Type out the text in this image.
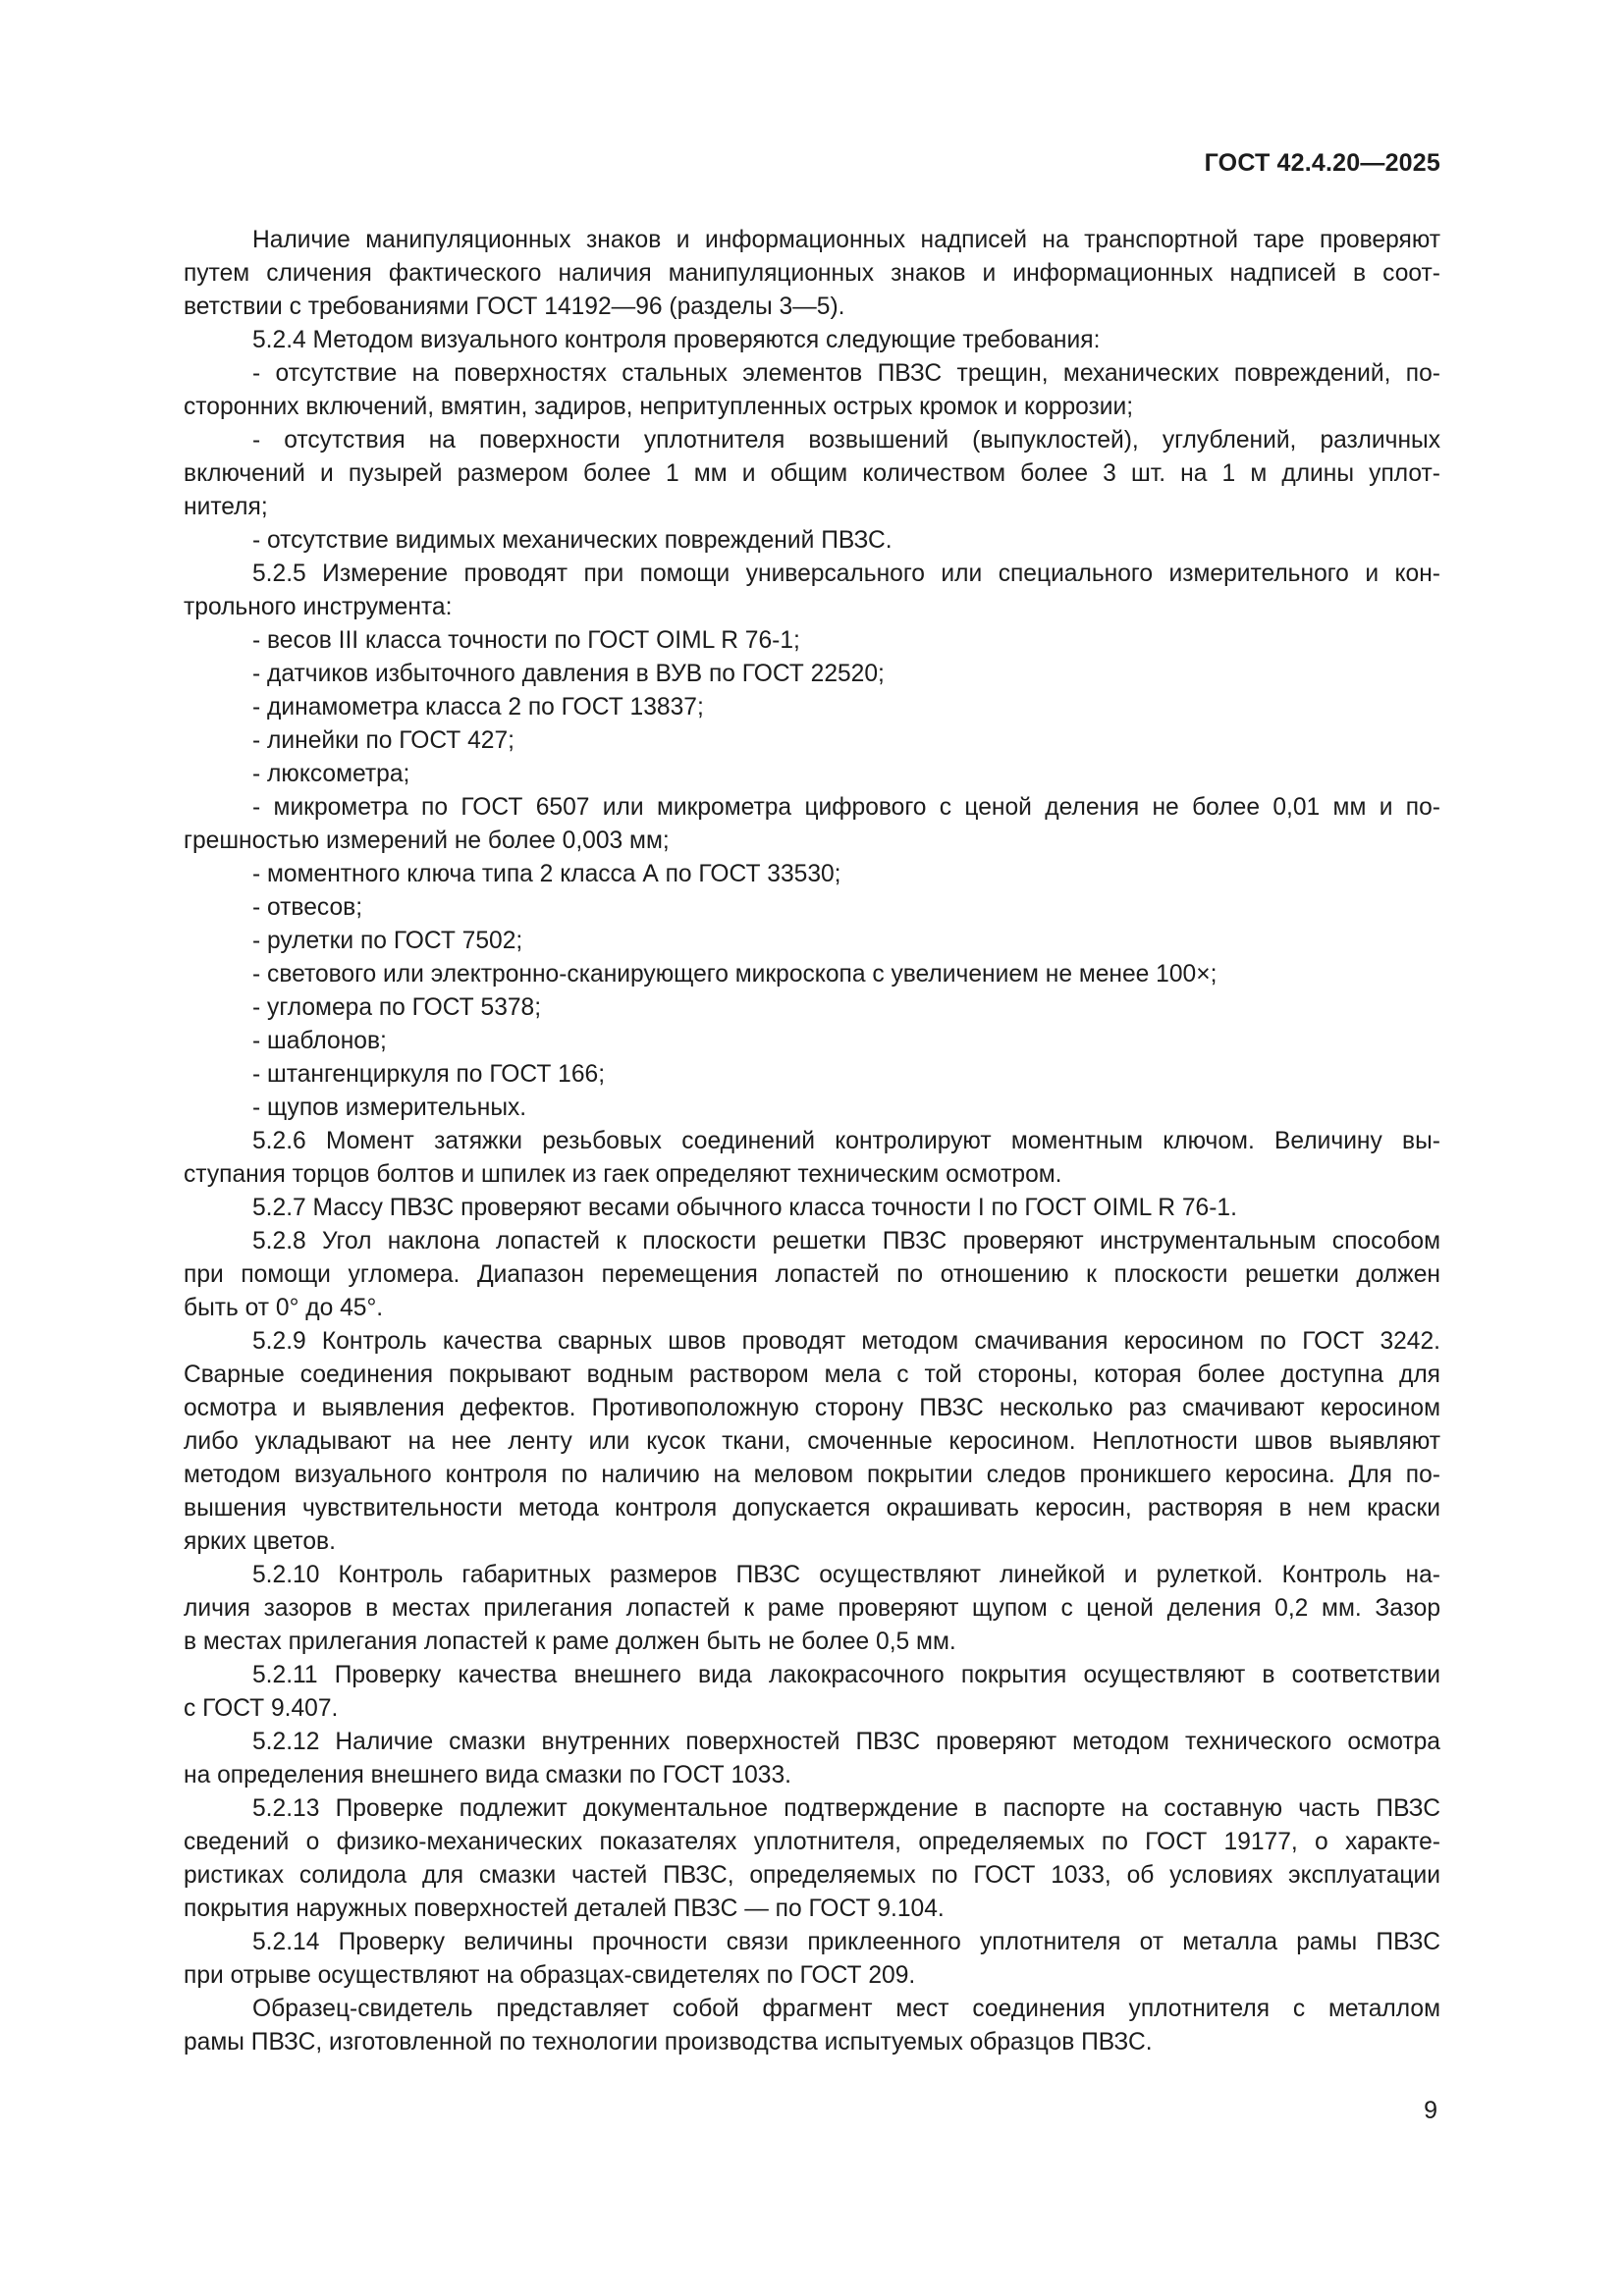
ГОСТ 42.4.20—2025
Наличие манипуляционных знаков и информационных надписей на транспортной таре проверяют
путем сличения фактического наличия манипуляционных знаков и информационных надписей в соот-
ветствии с требованиями ГОСТ 14192—96 (разделы 3—5).
5.2.4 Методом визуального контроля проверяются следующие требования:
- отсутствие на поверхностях стальных элементов ПВЗС трещин, механических повреждений, по-
сторонних включений, вмятин, задиров, непритупленных острых кромок и коррозии;
- отсутствия на поверхности уплотнителя возвышений (выпуклостей), углублений, различных
включений и пузырей размером более 1 мм и общим количеством более 3 шт. на 1 м длины уплот-
нителя;
- отсутствие видимых механических повреждений ПВЗС.
5.2.5 Измерение проводят при помощи универсального или специального измерительного и кон-
трольного инструмента:
- весов III класса точности по ГОСТ OIML R 76-1;
- датчиков избыточного давления в ВУВ по ГОСТ 22520;
- динамометра класса 2 по ГОСТ 13837;
- линейки по ГОСТ 427;
- люксометра;
- микрометра по ГОСТ 6507 или микрометра цифрового с ценой деления не более 0,01 мм и по-
грешностью измерений не более 0,003 мм;
- моментного ключа типа 2 класса А по ГОСТ 33530;
- отвесов;
- рулетки по ГОСТ 7502;
- светового или электронно-сканирующего микроскопа с увеличением не менее 100×;
- угломера по ГОСТ 5378;
- шаблонов;
- штангенциркуля по ГОСТ 166;
- щупов измерительных.
5.2.6 Момент затяжки резьбовых соединений контролируют моментным ключом. Величину вы-
ступания торцов болтов и шпилек из гаек определяют техническим осмотром.
5.2.7 Массу ПВЗС проверяют весами обычного класса точности I по ГОСТ OIML R 76-1.
5.2.8 Угол наклона лопастей к плоскости решетки ПВЗС проверяют инструментальным способом
при помощи угломера. Диапазон перемещения лопастей по отношению к плоскости решетки должен
быть от 0° до 45°.
5.2.9 Контроль качества сварных швов проводят методом смачивания керосином по ГОСТ 3242.
Сварные соединения покрывают водным раствором мела с той стороны, которая более доступна для
осмотра и выявления дефектов. Противоположную сторону ПВЗС несколько раз смачивают керосином
либо укладывают на нее ленту или кусок ткани, смоченные керосином. Неплотности швов выявляют
методом визуального контроля по наличию на меловом покрытии следов проникшего керосина. Для по-
вышения чувствительности метода контроля допускается окрашивать керосин, растворяя в нем краски
ярких цветов.
5.2.10 Контроль габаритных размеров ПВЗС осуществляют линейкой и рулеткой. Контроль на-
личия зазоров в местах прилегания лопастей к раме проверяют щупом с ценой деления 0,2 мм. Зазор
в местах прилегания лопастей к раме должен быть не более 0,5 мм.
5.2.11 Проверку качества внешнего вида лакокрасочного покрытия осуществляют в соответствии
с ГОСТ 9.407.
5.2.12 Наличие смазки внутренних поверхностей ПВЗС проверяют методом технического осмотра
на определения внешнего вида смазки по ГОСТ 1033.
5.2.13 Проверке подлежит документальное подтверждение в паспорте на составную часть ПВЗС
сведений о физико-механических показателях уплотнителя, определяемых по ГОСТ 19177, о характе-
ристиках солидола для смазки частей ПВЗС, определяемых по ГОСТ 1033, об условиях эксплуатации
покрытия наружных поверхностей деталей ПВЗС — по ГОСТ 9.104.
5.2.14 Проверку величины прочности связи приклеенного уплотнителя от металла рамы ПВЗС
при отрыве осуществляют на образцах-свидетелях по ГОСТ 209.
Образец-свидетель представляет собой фрагмент мест соединения уплотнителя с металлом
рамы ПВЗС, изготовленной по технологии производства испытуемых образцов ПВЗС.
9
